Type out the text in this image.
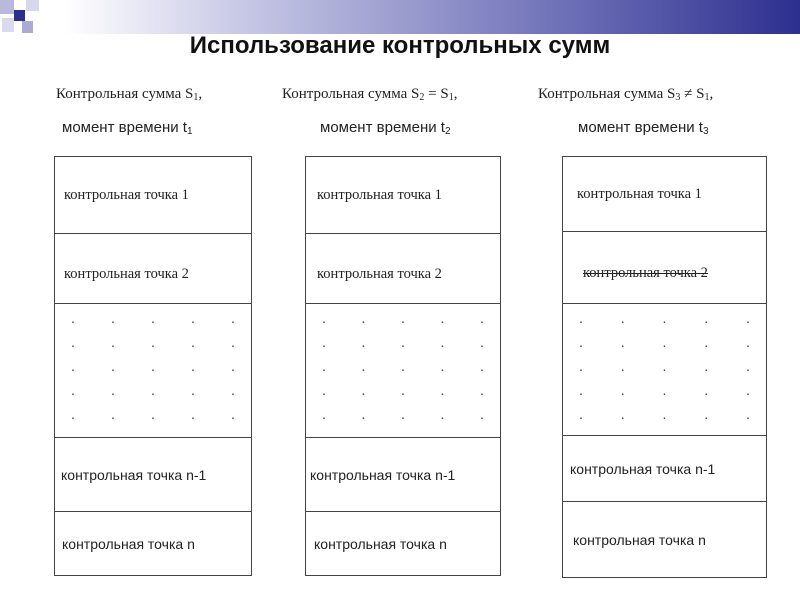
Использование контрольных сумм
Контрольная сумма $S_1$,
момент времени $t_1$
контрольная точка 1
контрольная точка 2
·	·	·	·	·
·	·	·	·	·
·	·	·	·	·
·	·	·	·	·
·	·	·	·	·
контрольная точка n-1
контрольная точка n
Контрольная сумма $S_2 = S_1$,
момент времени $t_2$
контрольная точка 1
контрольная точка 2
· · · · ·
· · · · ·
· · · · ·
· · · · ·
· · · · ·
контрольная точка n-1
контрольная точка n
Контрольная сумма $S_3 \ne S_1$,
момент времени $t_3$
контрольная точка 1
контрольная точка 2
·	·	·	·	·
·	·	·	·	·
·	·	·	·	·
·	·	·	·	·
·	·	·	·	·
контрольная точка n-1
контрольная точка n
